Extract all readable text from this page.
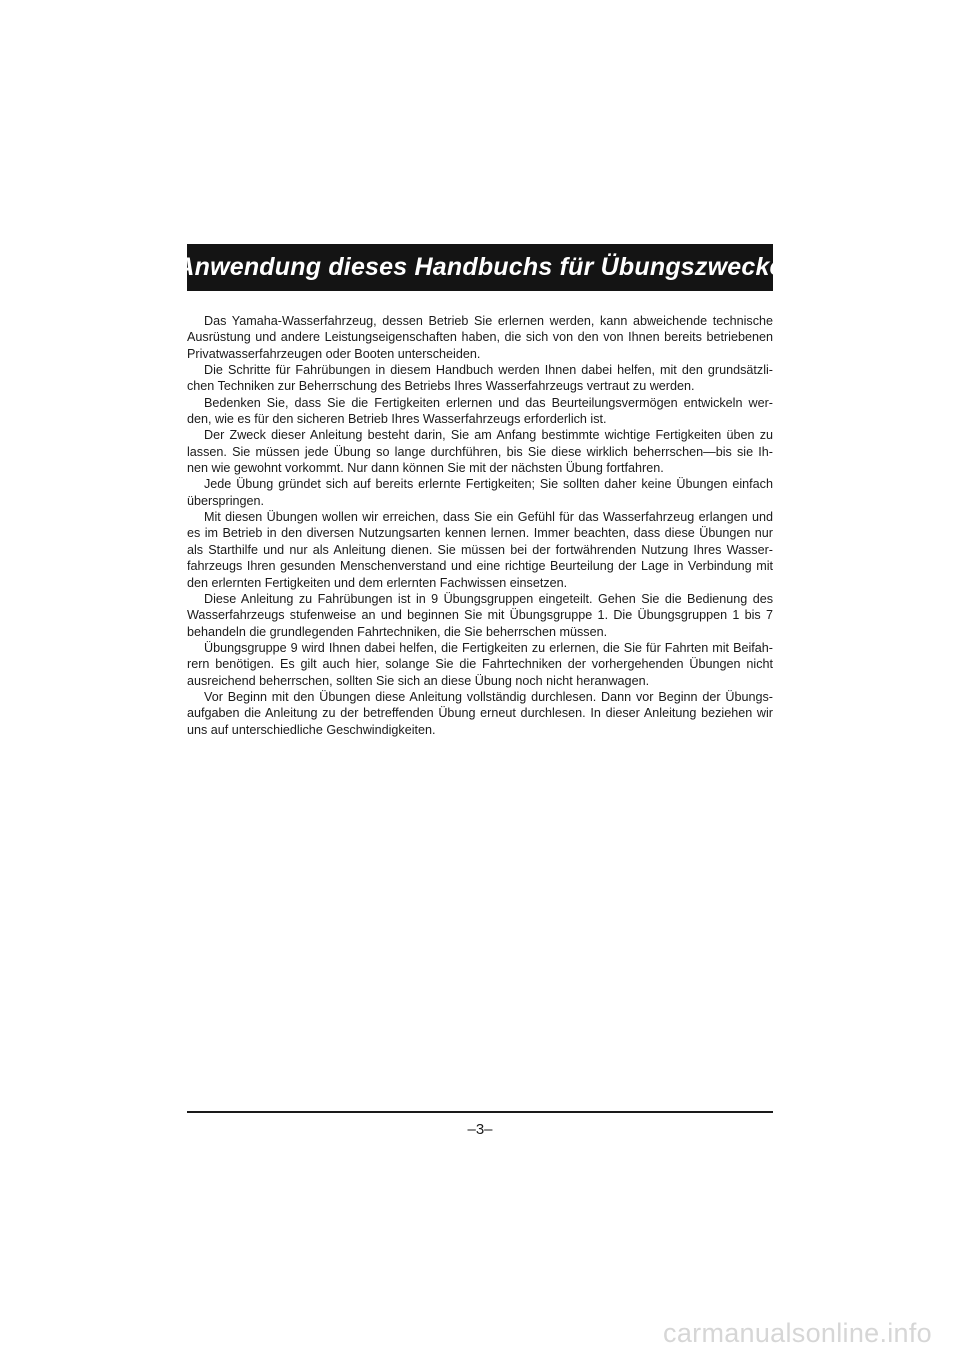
Anwendung dieses Handbuchs für Übungszwecke
Das Yamaha-Wasserfahrzeug, dessen Betrieb Sie erlernen werden, kann abweichende technische
Ausrüstung und andere Leistungseigenschaften haben, die sich von den von Ihnen bereits betriebenen
Privatwasserfahrzeugen oder Booten unterscheiden.
Die Schritte für Fahrübungen in diesem Handbuch werden Ihnen dabei helfen, mit den grundsätzli-
chen Techniken zur Beherrschung des Betriebs Ihres Wasserfahrzeugs vertraut zu werden.
Bedenken Sie, dass Sie die Fertigkeiten erlernen und das Beurteilungsvermögen entwickeln wer-
den, wie es für den sicheren Betrieb Ihres Wasserfahrzeugs erforderlich ist.
Der Zweck dieser Anleitung besteht darin, Sie am Anfang bestimmte wichtige Fertigkeiten üben zu
lassen. Sie müssen jede Übung so lange durchführen, bis Sie diese wirklich beherrschen—bis sie Ih-
nen wie gewohnt vorkommt. Nur dann können Sie mit der nächsten Übung fortfahren.
Jede Übung gründet sich auf bereits erlernte Fertigkeiten; Sie sollten daher keine Übungen einfach
überspringen.
Mit diesen Übungen wollen wir erreichen, dass Sie ein Gefühl für das Wasserfahrzeug erlangen und
es im Betrieb in den diversen Nutzungsarten kennen lernen. Immer beachten, dass diese Übungen nur
als Starthilfe und nur als Anleitung dienen. Sie müssen bei der fortwährenden Nutzung Ihres Wasser-
fahrzeugs Ihren gesunden Menschenverstand und eine richtige Beurteilung der Lage in Verbindung mit
den erlernten Fertigkeiten und dem erlernten Fachwissen einsetzen.
Diese Anleitung zu Fahrübungen ist in 9 Übungsgruppen eingeteilt. Gehen Sie die Bedienung des
Wasserfahrzeugs stufenweise an und beginnen Sie mit Übungsgruppe 1. Die Übungsgruppen 1 bis 7
behandeln die grundlegenden Fahrtechniken, die Sie beherrschen müssen.
Übungsgruppe 9 wird Ihnen dabei helfen, die Fertigkeiten zu erlernen, die Sie für Fahrten mit Beifah-
rern benötigen. Es gilt auch hier, solange Sie die Fahrtechniken der vorhergehenden Übungen nicht
ausreichend beherrschen, sollten Sie sich an diese Übung noch nicht heranwagen.
Vor Beginn mit den Übungen diese Anleitung vollständig durchlesen. Dann vor Beginn der Übungs-
aufgaben die Anleitung zu der betreffenden Übung erneut durchlesen. In dieser Anleitung beziehen wir
uns auf unterschiedliche Geschwindigkeiten.
–3–
carmanualsonline.info
